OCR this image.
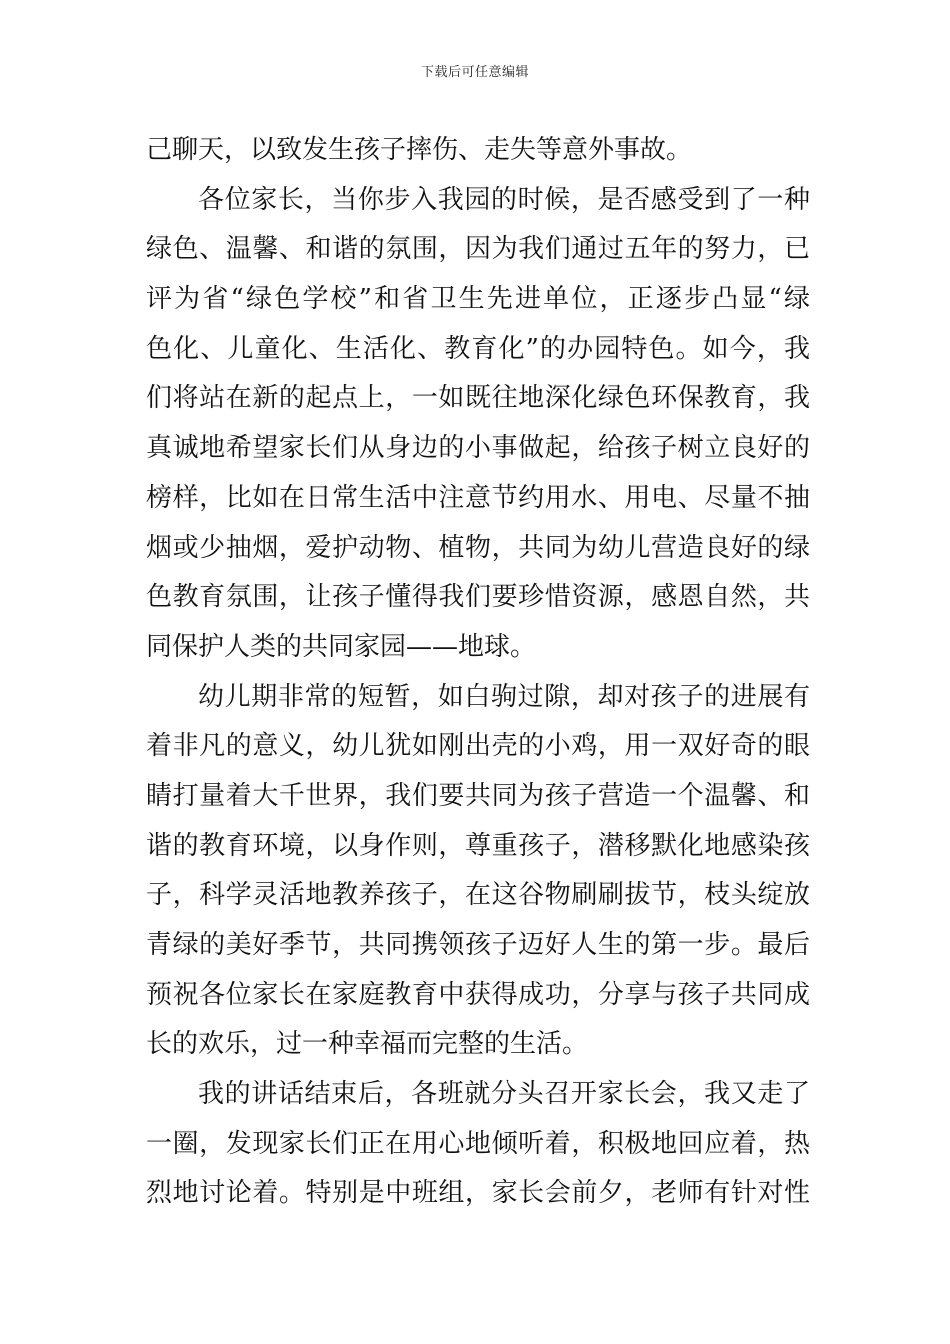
下载后可任意编辑
己聊天，以致发生孩子摔伤、走失等意外事故。
各位家长，当你步入我园的时候，是否感受到了一种
绿色、温馨、和谐的氛围，因为我们通过五年的努力，已
评为省“绿色学校”和省卫生先进单位，正逐步凸显“绿
色化、儿童化、生活化、教育化”的办园特色。如今，我
们将站在新的起点上，一如既往地深化绿色环保教育，我
真诚地希望家长们从身边的小事做起，给孩子树立良好的
榜样，比如在日常生活中注意节约用水、用电、尽量不抽
烟或少抽烟，爱护动物、植物，共同为幼儿营造良好的绿
色教育氛围，让孩子懂得我们要珍惜资源，感恩自然，共
同保护人类的共同家园——地球。
幼儿期非常的短暂，如白驹过隙，却对孩子的进展有
着非凡的意义，幼儿犹如刚出壳的小鸡，用一双好奇的眼
睛打量着大千世界，我们要共同为孩子营造一个温馨、和
谐的教育环境，以身作则，尊重孩子，潜移默化地感染孩
子，科学灵活地教养孩子，在这谷物刷刷拔节，枝头绽放
青绿的美好季节，共同携领孩子迈好人生的第一步。最后
预祝各位家长在家庭教育中获得成功，分享与孩子共同成
长的欢乐，过一种幸福而完整的生活。
我的讲话结束后，各班就分头召开家长会，我又走了
一圈，发现家长们正在用心地倾听着，积极地回应着，热
烈地讨论着。特别是中班组，家长会前夕，老师有针对性
